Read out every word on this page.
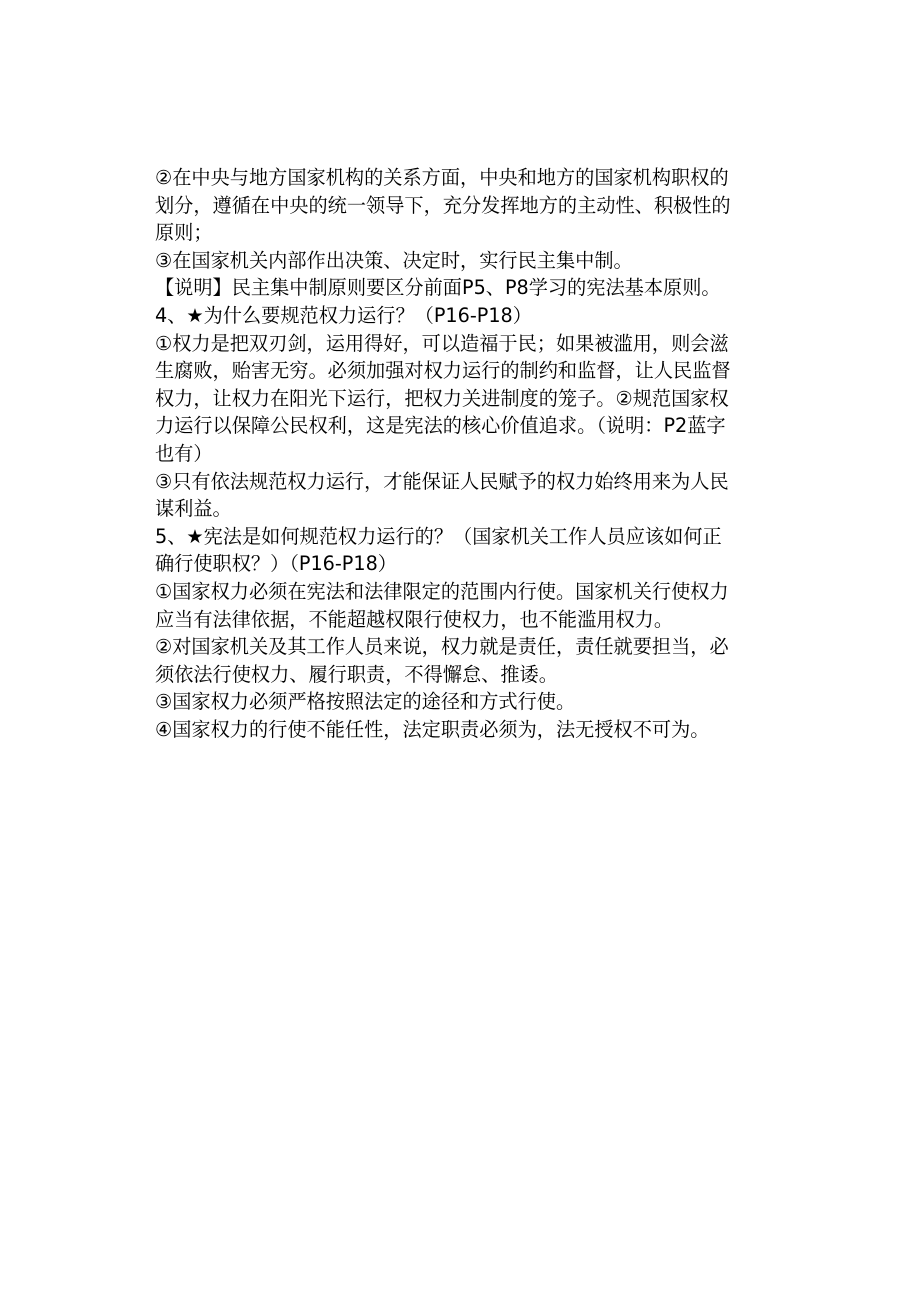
②在中央与地方国家机构的关系方面，中央和地方的国家机构职权的
划分，遵循在中央的统一领导下，充分发挥地方的主动性、积极性的
原则；
③在国家机关内部作出决策、决定时，实行民主集中制。
【说明】民主集中制原则要区分前面P5、P8学习的宪法基本原则。
4、★为什么要规范权力运行？（P16-P18）
①权力是把双刃剑，运用得好，可以造福于民；如果被滥用，则会滋
生腐败，贻害无穷。必须加强对权力运行的制约和监督，让人民监督
权力，让权力在阳光下运行，把权力关进制度的笼子。②规范国家权
力运行以保障公民权利，这是宪法的核心价值追求。（说明：P2蓝字
也有）
③只有依法规范权力运行，才能保证人民赋予的权力始终用来为人民
谋利益。
5、★宪法是如何规范权力运行的？（国家机关工作人员应该如何正
确行使职权？）（P16-P18）
①国家权力必须在宪法和法律限定的范围内行使。国家机关行使权力
应当有法律依据，不能超越权限行使权力，也不能滥用权力。
②对国家机关及其工作人员来说，权力就是责任，责任就要担当，必
须依法行使权力、履行职责，不得懈怠、推诿。
③国家权力必须严格按照法定的途径和方式行使。
④国家权力的行使不能任性，法定职责必须为，法无授权不可为。
